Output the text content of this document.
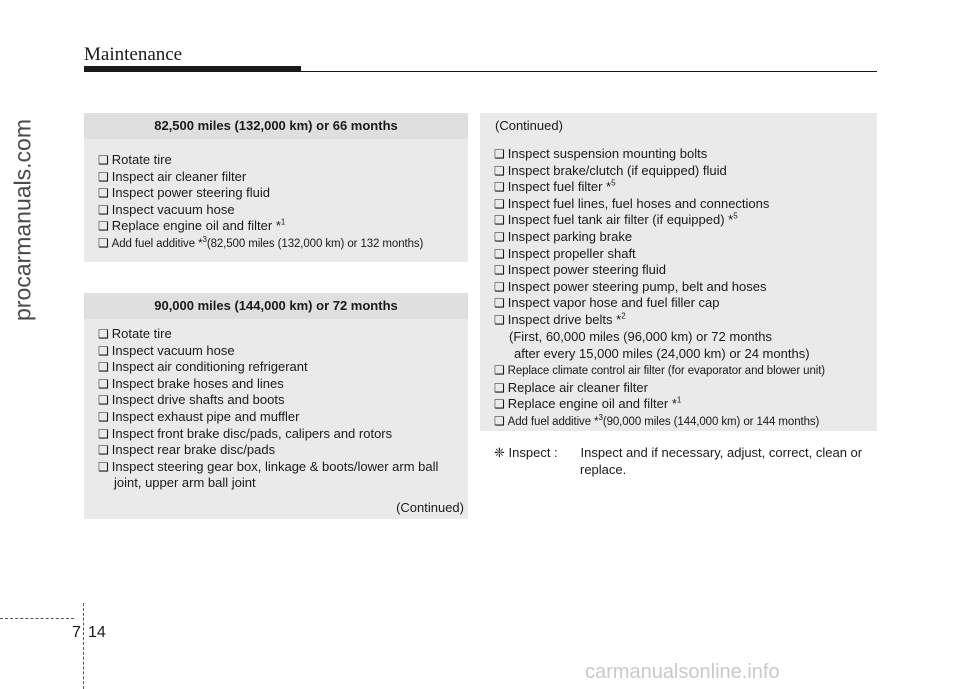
Maintenance
procarmanuals.com	82,500 miles (132,000 km) or 66 months
❑ Rotate tire
❑ Inspect air cleaner filter
❑ Inspect power steering fluid
❑ Inspect vacuum hose
❑ Replace engine oil and filter *$^1$
❑ Add fuel additive *$^3$(82,500 miles (132,000 km) or 132 months)
90,000 miles (144,000 km) or 72 months
❑ Rotate tire
❑ Inspect vacuum hose
❑ Inspect air conditioning refrigerant
❑ Inspect brake hoses and lines
❑ Inspect drive shafts and boots
❑ Inspect exhaust pipe and muffler
❑ Inspect front brake disc/pads, calipers and rotors
❑ Inspect rear brake disc/pads
❑ Inspect steering gear box, linkage & boots/lower arm ball
joint, upper arm ball joint
(Continued)
(Continued)
❑ Inspect suspension mounting bolts
❑ Inspect brake/clutch (if equipped) fluid
❑ Inspect fuel filter *$^5$
❑ Inspect fuel lines, fuel hoses and connections
❑ Inspect fuel tank air filter (if equipped) *$^5$
❑ Inspect parking brake
❑ Inspect propeller shaft
❑ Inspect power steering fluid
❑ Inspect power steering pump, belt and hoses
❑ Inspect vapor hose and fuel filler cap
❑ Inspect drive belts *$^2$
(First, 60,000 miles (96,000 km) or 72 months
after every 15,000 miles (24,000 km) or 24 months)
❑ Replace climate control air filter (for evaporator and blower unit)
❑ Replace air cleaner filter
❑ Replace engine oil and filter *$^1$
❑ Add fuel additive *$^3$(90,000 miles (144,000 km) or 144 months)
❈ Inspect : Inspect and if necessary, adjust, correct, clean or
replace.
7 14
carmanualsonline.info
